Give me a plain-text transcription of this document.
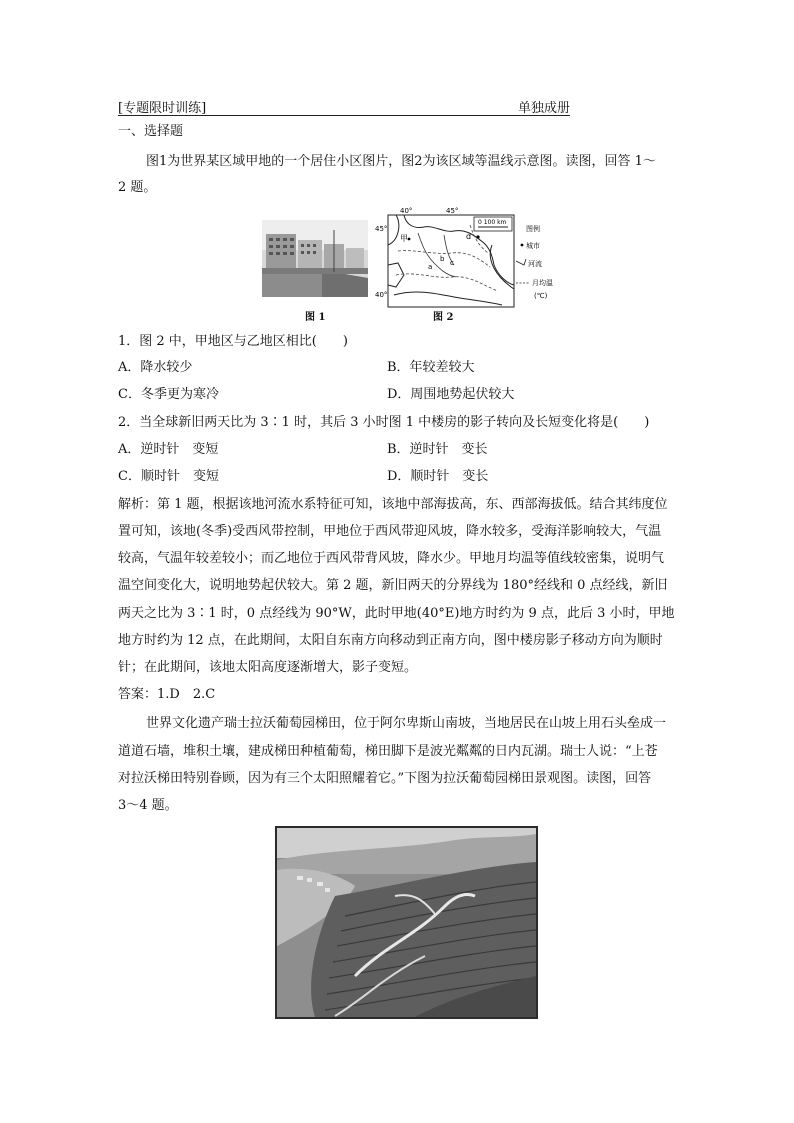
[专题限时训练]	单独成册
一、选择题
图1为世界某区域甲地的一个居住小区图片，图2为该区域等温线示意图。读图，回答 1～
2 题。
图 1
40°	45°
45°
40°
0 100 km
甲
a
b c
d
图例
城市
河流
月均温
(℃)
图 2
1．图 2 中，甲地区与乙地区相比(　　)
A．降水较少	B．年较差较大
C．冬季更为寒冷	D．周围地势起伏较大
2．当全球新旧两天比为 3∶1 时，其后 3 小时图 1 中楼房的影子转向及长短变化将是(　　)
A．逆时针　变短	B．逆时针　变长
C．顺时针　变短	D．顺时针　变长
解析：第 1 题，根据该地河流水系特征可知，该地中部海拔高，东、西部海拔低。结合其纬度位
置可知，该地(冬季)受西风带控制，甲地位于西风带迎风坡，降水较多，受海洋影响较大，气温
较高，气温年较差较小；而乙地位于西风带背风坡，降水少。甲地月均温等值线较密集，说明气
温空间变化大，说明地势起伏较大。第 2 题，新旧两天的分界线为 180°经线和 0 点经线，新旧
两天之比为 3∶1 时，0 点经线为 90°W，此时甲地(40°E)地方时约为 9 点，此后 3 小时，甲地
地方时约为 12 点，在此期间，太阳自东南方向移动到正南方向，图中楼房影子移动方向为顺时
针；在此期间，该地太阳高度逐渐增大，影子变短。
答案：1.D　2.C
世界文化遗产瑞士拉沃葡萄园梯田，位于阿尔卑斯山南坡，当地居民在山坡上用石头垒成一
道道石墙，堆积土壤，建成梯田种植葡萄，梯田脚下是波光粼粼的日内瓦湖。瑞士人说：“上苍
对拉沃梯田特别眷顾，因为有三个太阳照耀着它。”下图为拉沃葡萄园梯田景观图。读图，回答
3～4 题。
